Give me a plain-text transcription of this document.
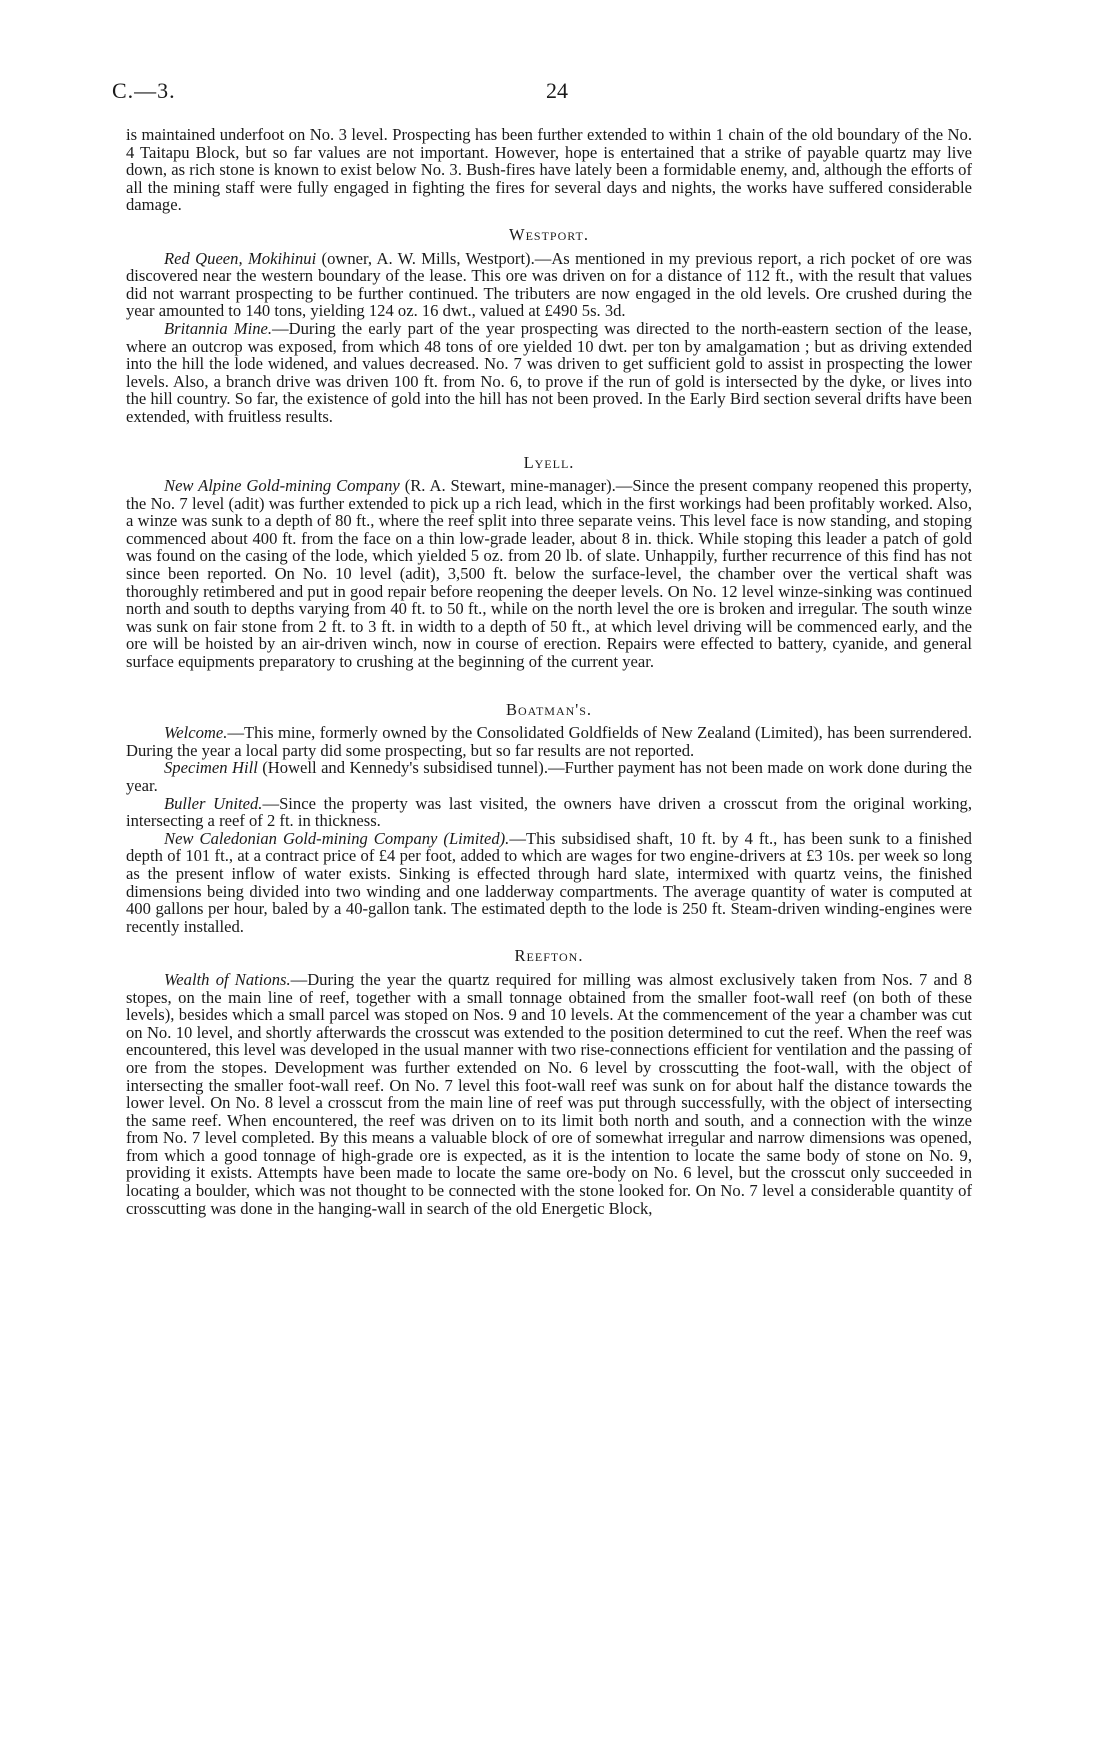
C.—3.	24

is maintained underfoot on No. 3 level. Prospecting has been further extended to within 1 chain of the old boundary of the No. 4 Taitapu Block, but so far values are not important. However, hope is entertained that a strike of payable quartz may live down, as rich stone is known to exist below No. 3. Bush-fires have lately been a formidable enemy, and, although the efforts of all the mining staff were fully engaged in fighting the fires for several days and nights, the works have suffered considerable damage.

Westport.

Red Queen, Mokihinui (owner, A. W. Mills, Westport).—As mentioned in my previous report, a rich pocket of ore was discovered near the western boundary of the lease. This ore was driven on for a distance of 112 ft., with the result that values did not warrant prospecting to be further continued. The tributers are now engaged in the old levels. Ore crushed during the year amounted to 140 tons, yielding 124 oz. 16 dwt., valued at £490 5s. 3d.

Britannia Mine.—During the early part of the year prospecting was directed to the north-eastern section of the lease, where an outcrop was exposed, from which 48 tons of ore yielded 10 dwt. per ton by amalgamation ; but as driving extended into the hill the lode widened, and values decreased. No. 7 was driven to get sufficient gold to assist in prospecting the lower levels. Also, a branch drive was driven 100 ft. from No. 6, to prove if the run of gold is intersected by the dyke, or lives into the hill country. So far, the existence of gold into the hill has not been proved. In the Early Bird section several drifts have been extended, with fruitless results.

Lyell.

New Alpine Gold-mining Company (R. A. Stewart, mine-manager).—Since the present company reopened this property, the No. 7 level (adit) was further extended to pick up a rich lead, which in the first workings had been profitably worked. Also, a winze was sunk to a depth of 80 ft., where the reef split into three separate veins. This level face is now standing, and stoping commenced about 400 ft. from the face on a thin low-grade leader, about 8 in. thick. While stoping this leader a patch of gold was found on the casing of the lode, which yielded 5 oz. from 20 lb. of slate. Unhappily, further recurrence of this find has not since been reported. On No. 10 level (adit), 3,500 ft. below the surface-level, the chamber over the vertical shaft was thoroughly retimbered and put in good repair before reopening the deeper levels. On No. 12 level winze-sinking was continued north and south to depths varying from 40 ft. to 50 ft., while on the north level the ore is broken and irregular. The south winze was sunk on fair stone from 2 ft. to 3 ft. in width to a depth of 50 ft., at which level driving will be commenced early, and the ore will be hoisted by an air-driven winch, now in course of erection. Repairs were effected to battery, cyanide, and general surface equipments preparatory to crushing at the beginning of the current year.

Boatman's.

Welcome.—This mine, formerly owned by the Consolidated Goldfields of New Zealand (Limited), has been surrendered. During the year a local party did some prospecting, but so far results are not reported.

Specimen Hill (Howell and Kennedy's subsidised tunnel).—Further payment has not been made on work done during the year.

Buller United.—Since the property was last visited, the owners have driven a crosscut from the original working, intersecting a reef of 2 ft. in thickness.

New Caledonian Gold-mining Company (Limited).—This subsidised shaft, 10 ft. by 4 ft., has been sunk to a finished depth of 101 ft., at a contract price of £4 per foot, added to which are wages for two engine-drivers at £3 10s. per week so long as the present inflow of water exists. Sinking is effected through hard slate, intermixed with quartz veins, the finished dimensions being divided into two winding and one ladderway compartments. The average quantity of water is computed at 400 gallons per hour, baled by a 40-gallon tank. The estimated depth to the lode is 250 ft. Steam-driven winding-engines were recently installed.

Reefton.

Wealth of Nations.—During the year the quartz required for milling was almost exclusively taken from Nos. 7 and 8 stopes, on the main line of reef, together with a small tonnage obtained from the smaller foot-wall reef (on both of these levels), besides which a small parcel was stoped on Nos. 9 and 10 levels. At the commencement of the year a chamber was cut on No. 10 level, and shortly afterwards the crosscut was extended to the position determined to cut the reef. When the reef was encountered, this level was developed in the usual manner with two rise-connections efficient for ventilation and the passing of ore from the stopes. Development was further extended on No. 6 level by crosscutting the foot-wall, with the object of intersecting the smaller foot-wall reef. On No. 7 level this foot-wall reef was sunk on for about half the distance towards the lower level. On No. 8 level a crosscut from the main line of reef was put through successfully, with the object of intersecting the same reef. When encountered, the reef was driven on to its limit both north and south, and a connection with the winze from No. 7 level completed. By this means a valuable block of ore of somewhat irregular and narrow dimensions was opened, from which a good tonnage of high-grade ore is expected, as it is the intention to locate the same body of stone on No. 9, providing it exists. Attempts have been made to locate the same ore-body on No. 6 level, but the crosscut only succeeded in locating a boulder, which was not thought to be connected with the stone looked for. On No. 7 level a considerable quantity of crosscutting was done in the hanging-wall in search of the old Energetic Block,
